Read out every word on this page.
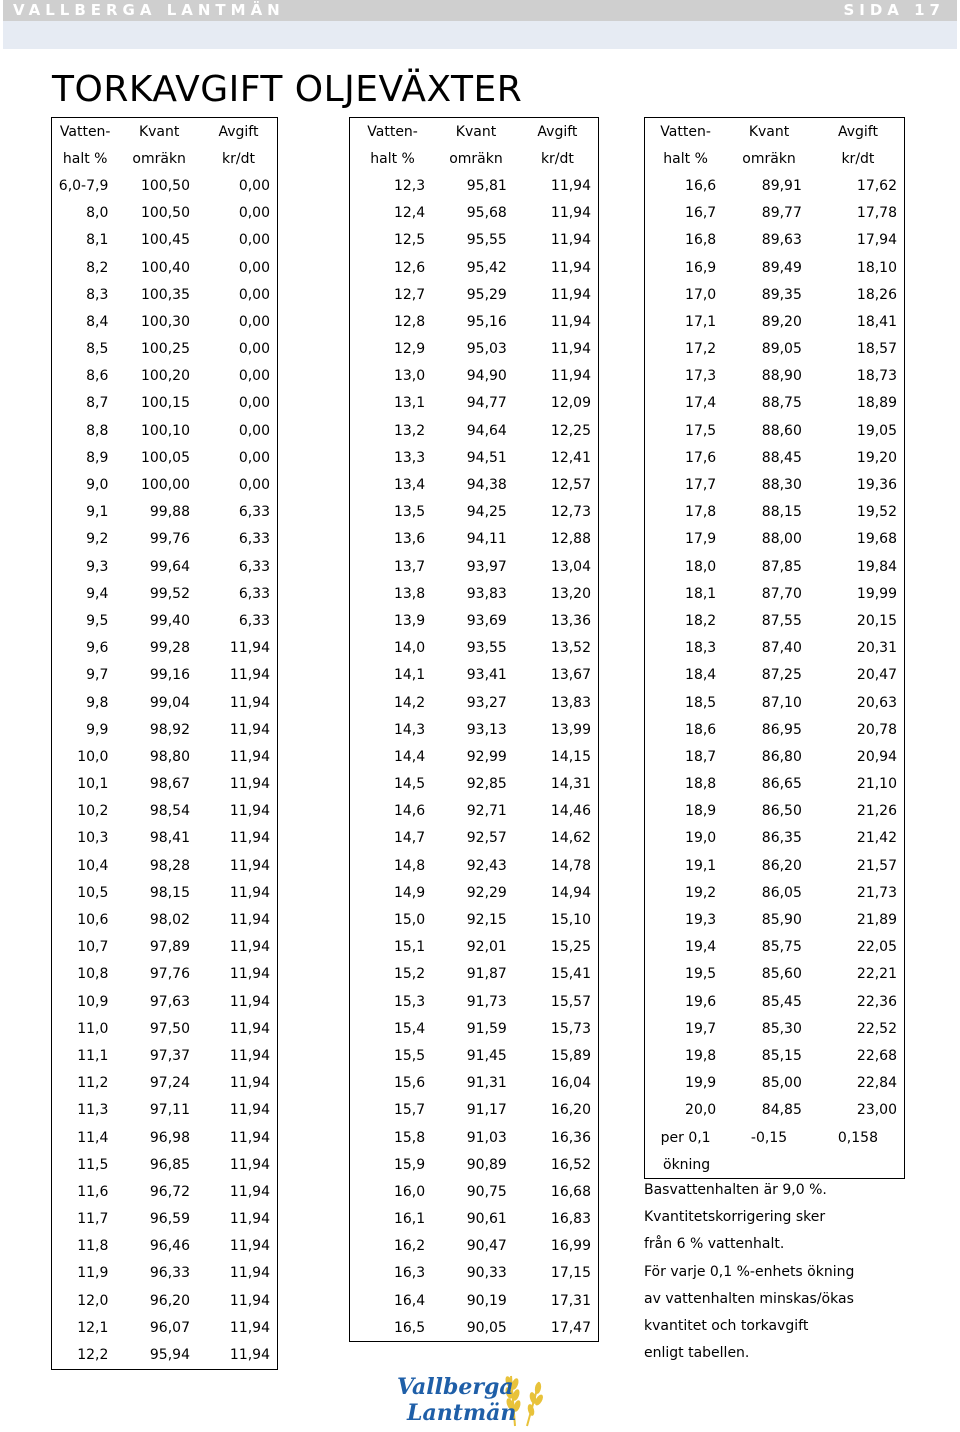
VALLBERGA LANTMÄN	SIDA 17
TORKAVGIFT OLJEVÄXTER
Vatten-	Kvant	Avgift
halt %	omräkn	kr/dt
6,0-7,9	100,50	0,00
8,0	100,50	0,00
8,1	100,45	0,00
8,2	100,40	0,00
8,3	100,35	0,00
8,4	100,30	0,00
8,5	100,25	0,00
8,6	100,20	0,00
8,7	100,15	0,00
8,8	100,10	0,00
8,9	100,05	0,00
9,0	100,00	0,00
9,1	99,88	6,33
9,2	99,76	6,33
9,3	99,64	6,33
9,4	99,52	6,33
9,5	99,40	6,33
9,6	99,28	11,94
9,7	99,16	11,94
9,8	99,04	11,94
9,9	98,92	11,94
10,0	98,80	11,94
10,1	98,67	11,94
10,2	98,54	11,94
10,3	98,41	11,94
10,4	98,28	11,94
10,5	98,15	11,94
10,6	98,02	11,94
10,7	97,89	11,94
10,8	97,76	11,94
10,9	97,63	11,94
11,0	97,50	11,94
11,1	97,37	11,94
11,2	97,24	11,94
11,3	97,11	11,94
11,4	96,98	11,94
11,5	96,85	11,94
11,6	96,72	11,94
11,7	96,59	11,94
11,8	96,46	11,94
11,9	96,33	11,94
12,0	96,20	11,94
12,1	96,07	11,94
12,2	95,94	11,94
Vatten-	Kvant	Avgift
halt %	omräkn	kr/dt
12,3	95,81	11,94
12,4	95,68	11,94
12,5	95,55	11,94
12,6	95,42	11,94
12,7	95,29	11,94
12,8	95,16	11,94
12,9	95,03	11,94
13,0	94,90	11,94
13,1	94,77	12,09
13,2	94,64	12,25
13,3	94,51	12,41
13,4	94,38	12,57
13,5	94,25	12,73
13,6	94,11	12,88
13,7	93,97	13,04
13,8	93,83	13,20
13,9	93,69	13,36
14,0	93,55	13,52
14,1	93,41	13,67
14,2	93,27	13,83
14,3	93,13	13,99
14,4	92,99	14,15
14,5	92,85	14,31
14,6	92,71	14,46
14,7	92,57	14,62
14,8	92,43	14,78
14,9	92,29	14,94
15,0	92,15	15,10
15,1	92,01	15,25
15,2	91,87	15,41
15,3	91,73	15,57
15,4	91,59	15,73
15,5	91,45	15,89
15,6	91,31	16,04
15,7	91,17	16,20
15,8	91,03	16,36
15,9	90,89	16,52
16,0	90,75	16,68
16,1	90,61	16,83
16,2	90,47	16,99
16,3	90,33	17,15
16,4	90,19	17,31
16,5	90,05	17,47
Vatten-	Kvant	Avgift
halt %	omräkn	kr/dt
16,6	89,91	17,62
16,7	89,77	17,78
16,8	89,63	17,94
16,9	89,49	18,10
17,0	89,35	18,26
17,1	89,20	18,41
17,2	89,05	18,57
17,3	88,90	18,73
17,4	88,75	18,89
17,5	88,60	19,05
17,6	88,45	19,20
17,7	88,30	19,36
17,8	88,15	19,52
17,9	88,00	19,68
18,0	87,85	19,84
18,1	87,70	19,99
18,2	87,55	20,15
18,3	87,40	20,31
18,4	87,25	20,47
18,5	87,10	20,63
18,6	86,95	20,78
18,7	86,80	20,94
18,8	86,65	21,10
18,9	86,50	21,26
19,0	86,35	21,42
19,1	86,20	21,57
19,2	86,05	21,73
19,3	85,90	21,89
19,4	85,75	22,05
19,5	85,60	22,21
19,6	85,45	22,36
19,7	85,30	22,52
19,8	85,15	22,68
19,9	85,00	22,84
20,0	84,85	23,00
per 0,1	-0,15	0,158
ökning		
Basvattenhalten är 9,0 %.
Kvantitetskorrigering sker
från 6 % vattenhalt.
För varje 0,1 %-enhets ökning
av vattenhalten minskas/ökas
kvantitet och torkavgift
enligt tabellen.
Vallberga
Lantmän
